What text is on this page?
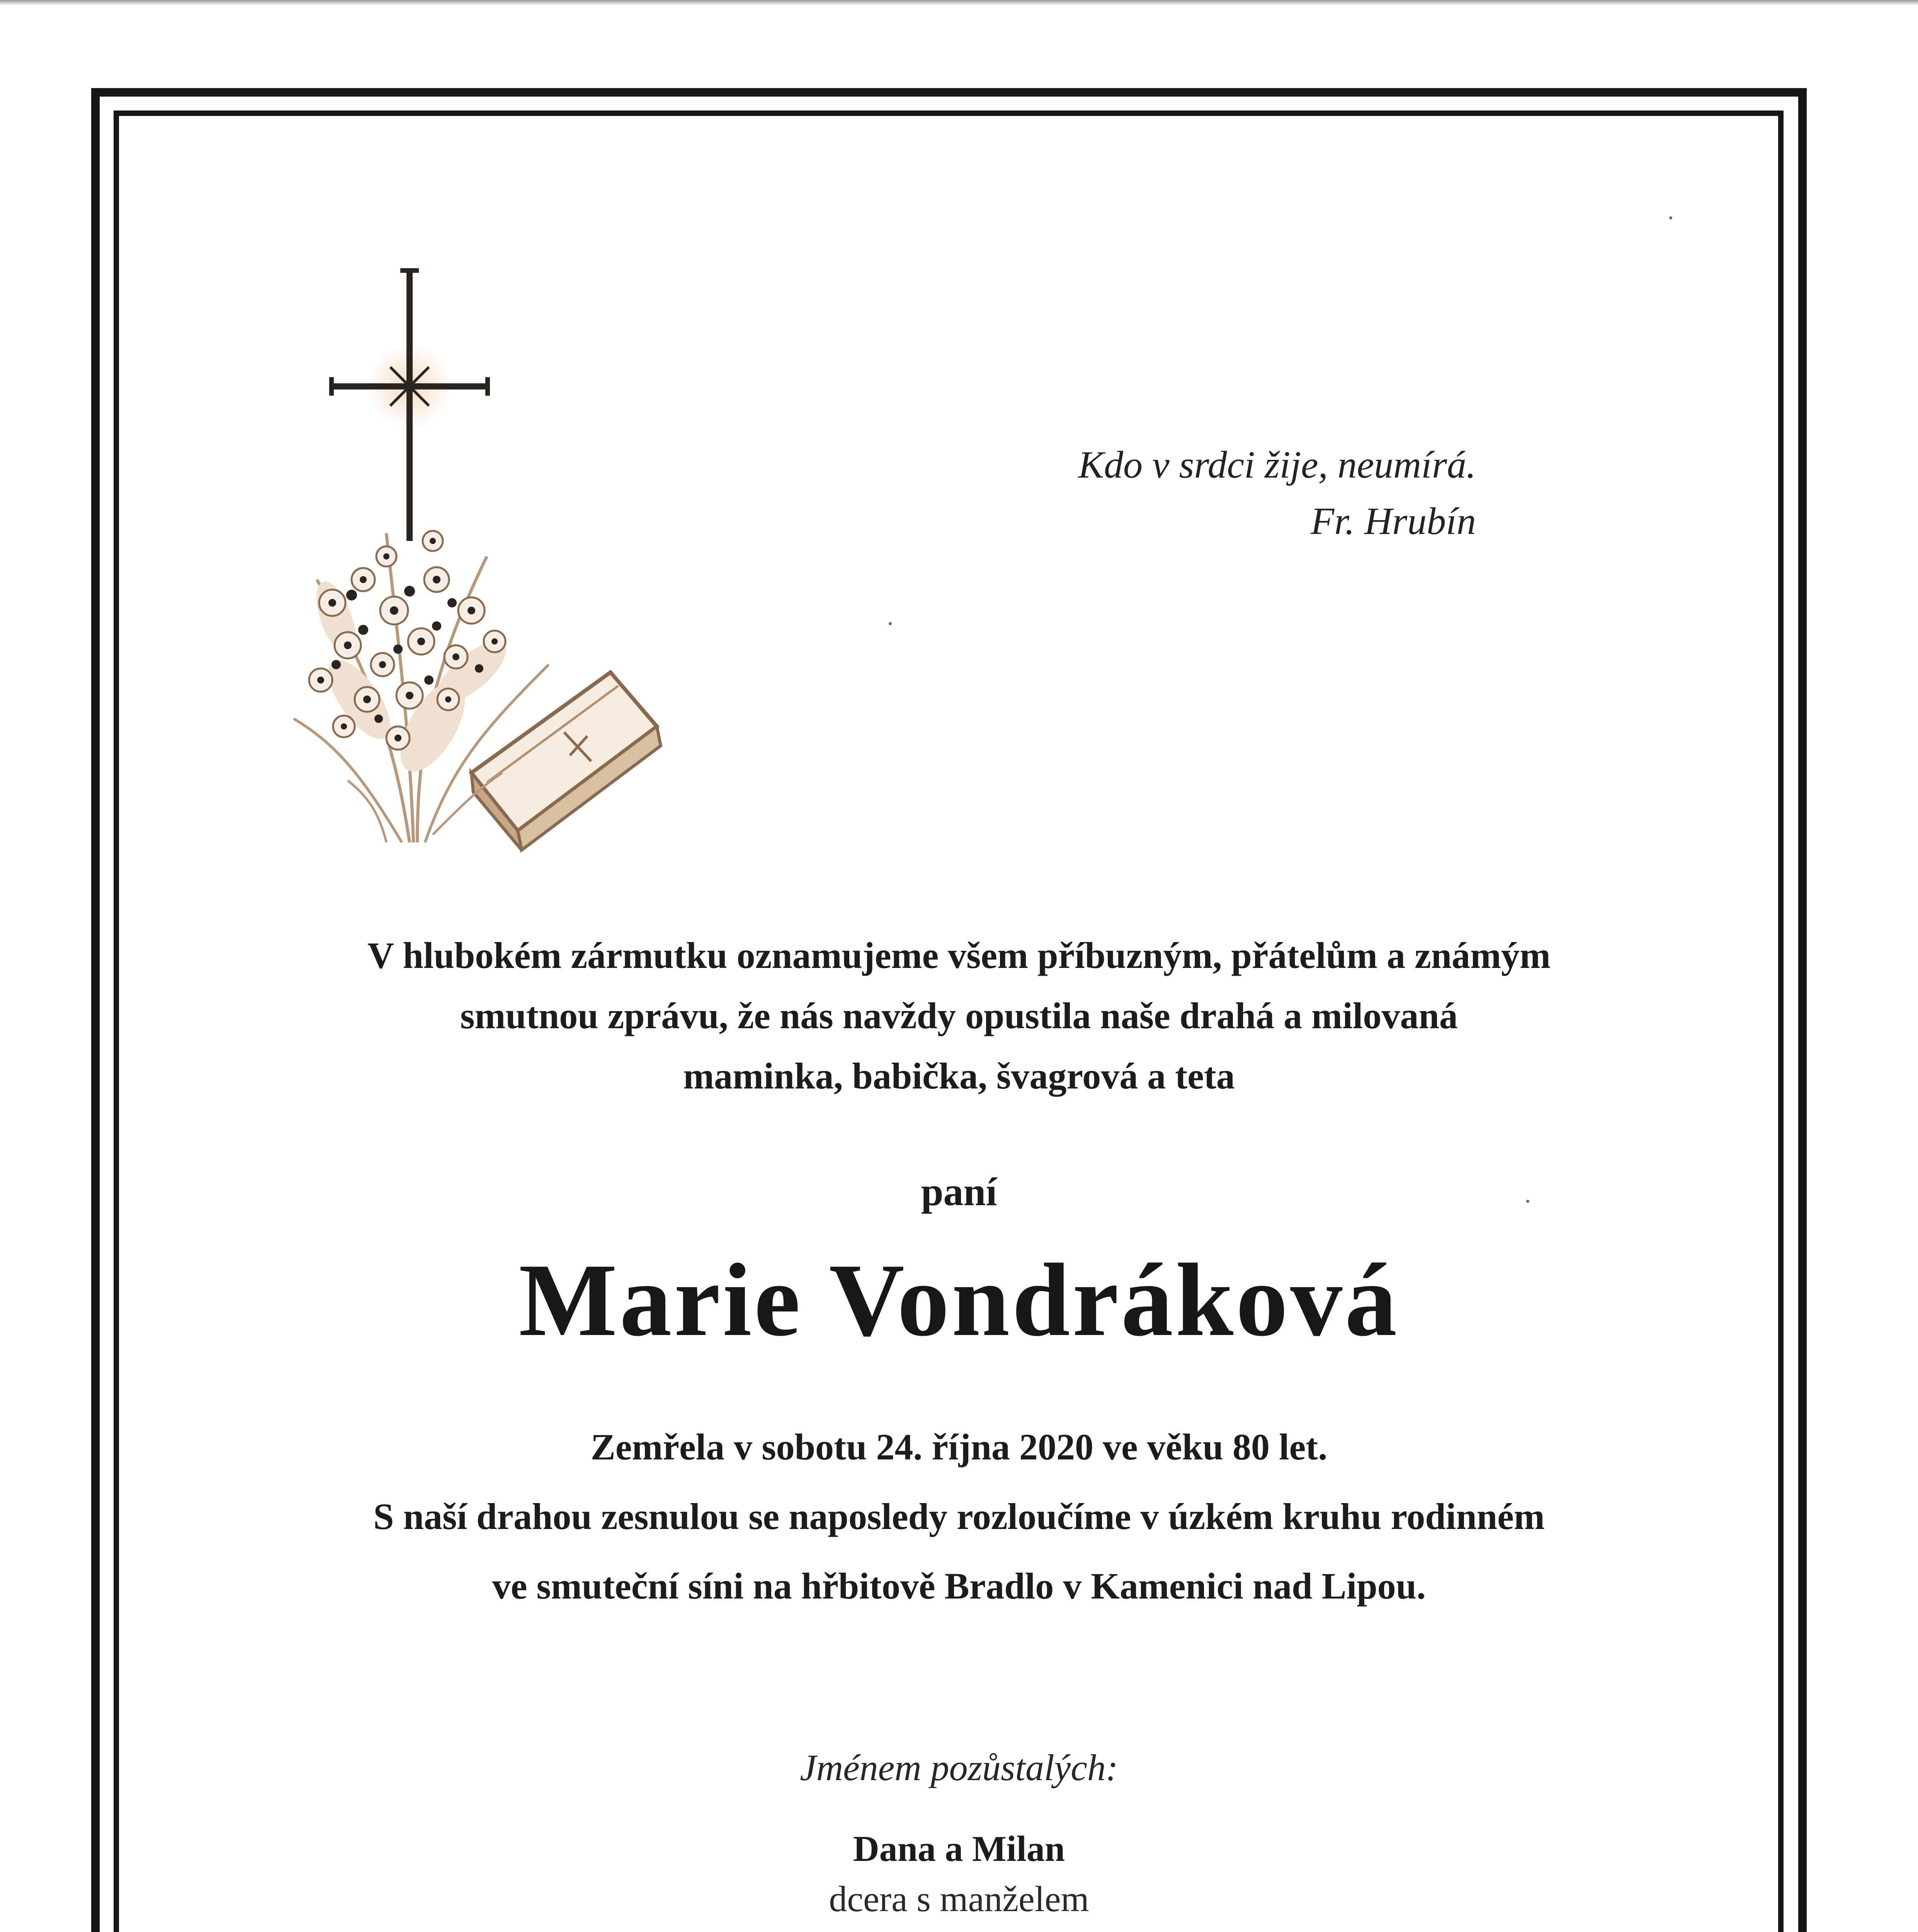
Kdo v srdci žije, neumírá.
Fr. Hrubín
V hlubokém zármutku oznamujeme všem příbuzným, přátelům a známým
smutnou zprávu, že nás navždy opustila naše drahá a milovaná
maminka, babička, švagrová a teta
paní
Marie Vondráková
Zemřela v sobotu 24. října 2020 ve věku 80 let.
S naší drahou zesnulou se naposledy rozloučíme v úzkém kruhu rodinném
ve smuteční síni na hřbitově Bradlo v Kamenici nad Lipou.
Jménem pozůstalých:
Dana a Milan
dcera s manželem
